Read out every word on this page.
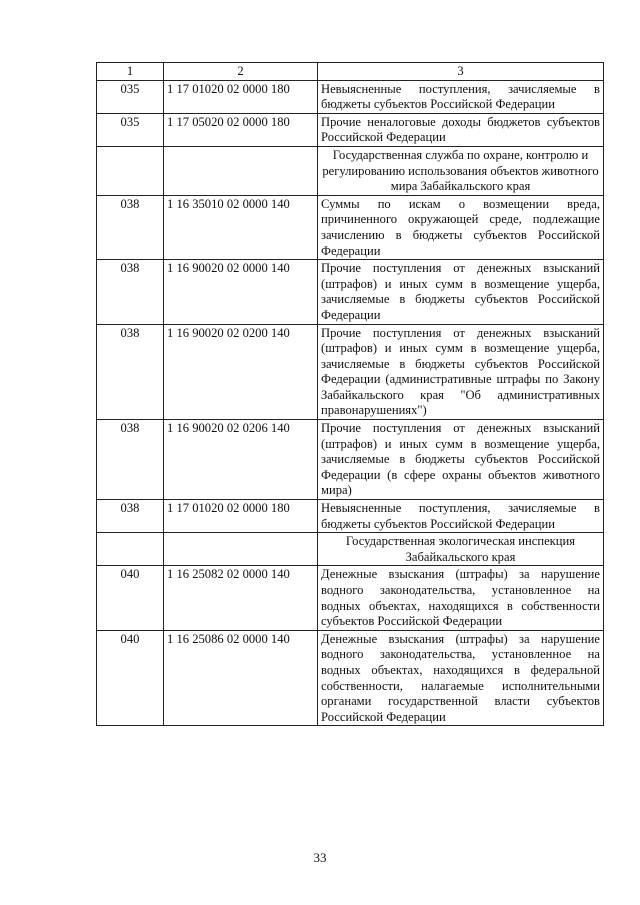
1	2	3
035	1 17 01020 02 0000 180	Невыясненные поступления, зачисляемые в бюджеты субъектов Российской Федерации
035	1 17 05020 02 0000 180	Прочие неналоговые доходы бюджетов субъектов Российской Федерации
		Государственная служба по охране, контролю и регулированию использования объектов животного мира Забайкальского края
038	1 16 35010 02 0000 140	Суммы по искам о возмещении вреда, причиненного окружающей среде, подлежащие зачислению в бюджеты субъектов Российской Федерации
038	1 16 90020 02 0000 140	Прочие поступления от денежных взысканий (штрафов) и иных сумм в возмещение ущерба, зачисляемые в бюджеты субъектов Российской Федерации
038	1 16 90020 02 0200 140	Прочие поступления от денежных взысканий (штрафов) и иных сумм в возмещение ущерба, зачисляемые в бюджеты субъектов Российской Федерации (административные штрафы по Закону Забайкальского края "Об административных правонарушениях")
038	1 16 90020 02 0206 140	Прочие поступления от денежных взысканий (штрафов) и иных сумм в возмещение ущерба, зачисляемые в бюджеты субъектов Российской Федерации (в сфере охраны объектов животного мира)
038	1 17 01020 02 0000 180	Невыясненные поступления, зачисляемые в бюджеты субъектов Российской Федерации
		Государственная экологическая инспекция Забайкальского края
040	1 16 25082 02 0000 140	Денежные взыскания (штрафы) за нарушение водного законодательства, установленное на водных объектах, находящихся в собственности субъектов Российской Федерации
040	1 16 25086 02 0000 140	Денежные взыскания (штрафы) за нарушение водного законодательства, установленное на водных объектах, находящихся в федеральной собственности, налагаемые исполнительными органами государственной власти субъектов Российской Федерации
33
